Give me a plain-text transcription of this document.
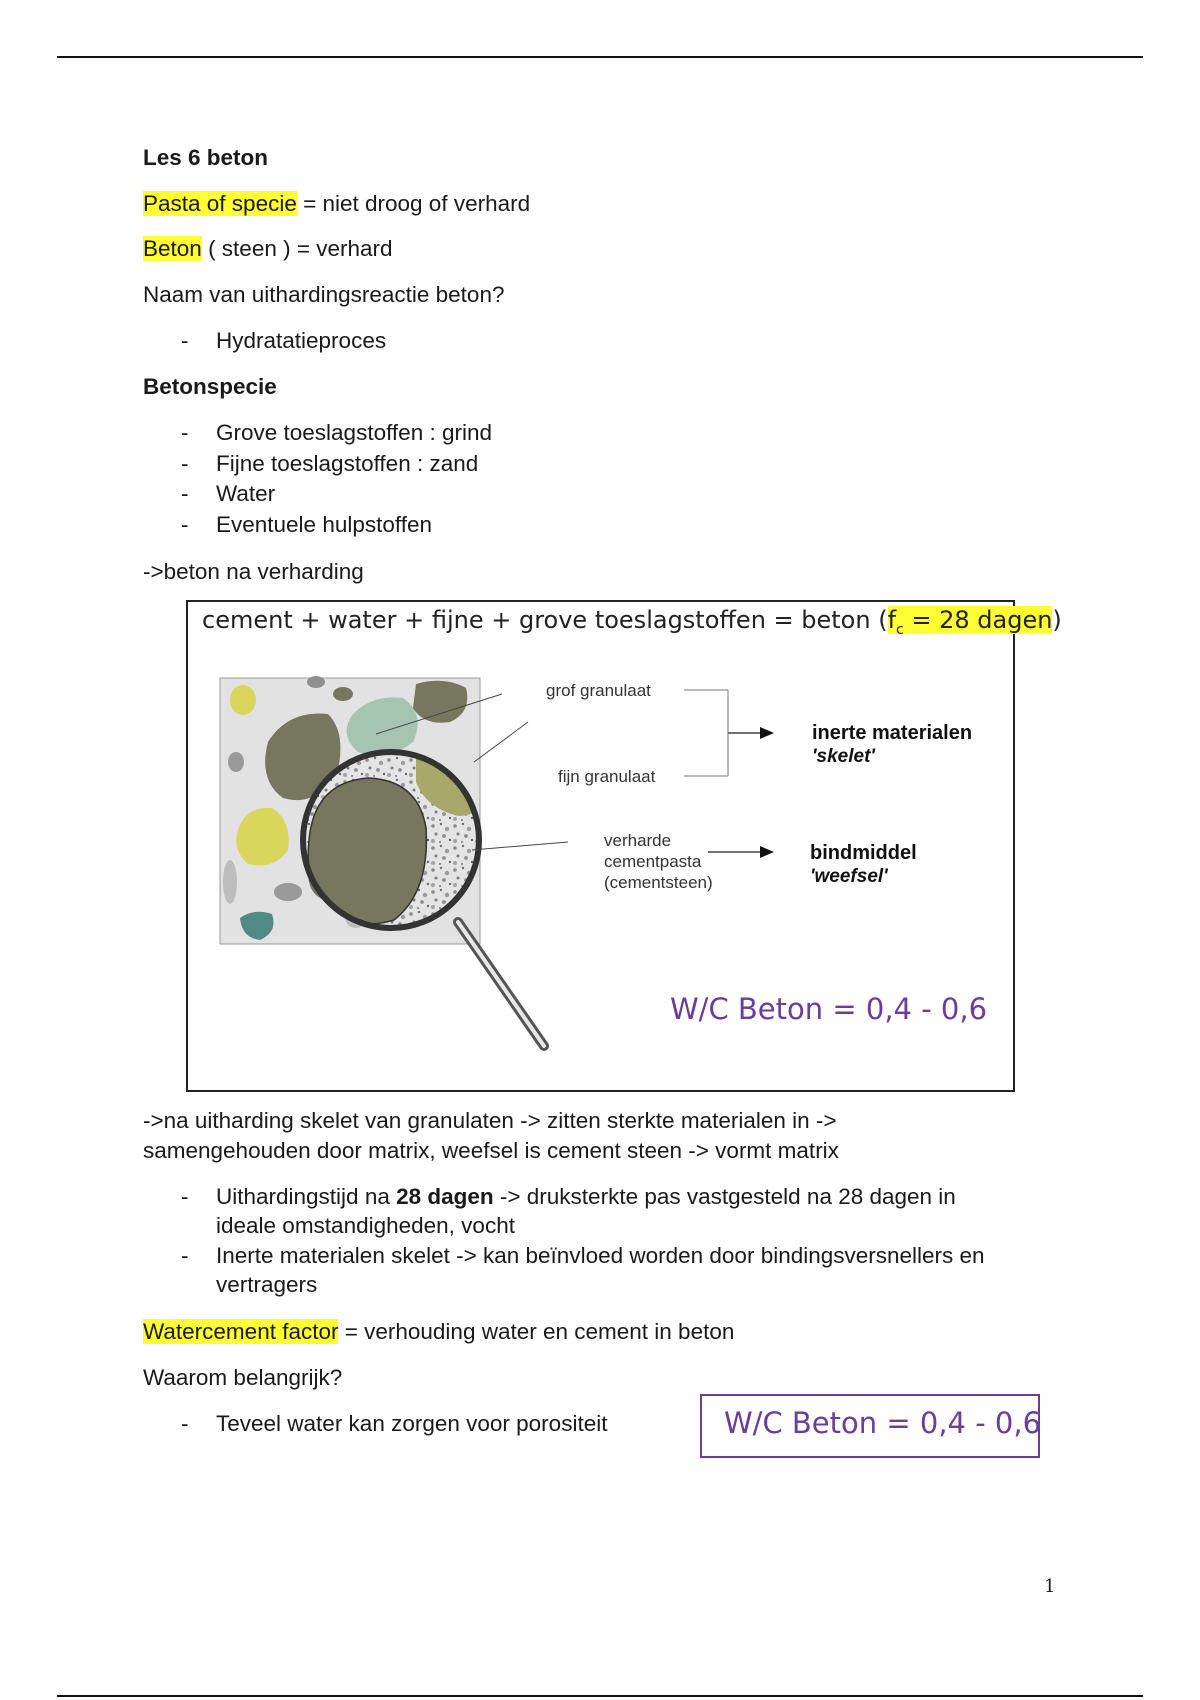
Les 6 beton
Pasta of specie = niet droog of verhard
Beton ( steen ) = verhard
Naam van uithardingsreactie beton?
- Hydratatieproces
Betonspecie
- Grove toeslagstoffen : grind
- Fijne toeslagstoffen : zand
- Water
- Eventuele hulpstoffen
->beton na verharding
cement + water + fijne + grove toeslagstoffen = beton ($f_c = 28$ dagen)
grof granulaat
fijn granulaat
verharde
cementpasta
(cementsteen)
inerte materialen
'skelet'
bindmiddel
'weefsel'
W/C Beton = 0,4 - 0,6
->na uitharding skelet van granulaten -> zitten sterkte materialen in ->
samengehouden door matrix, weefsel is cement steen -> vormt matrix
- Uithardingstijd na 28 dagen -> druksterkte pas vastgesteld na 28 dagen in
ideale omstandigheden, vocht
- Inerte materialen skelet -> kan beïnvloed worden door bindingsversnellers en
vertragers
Watercement factor = verhouding water en cement in beton
Waarom belangrijk?
- Teveel water kan zorgen voor porositeit	W/C Beton = 0,4 - 0,6
1
